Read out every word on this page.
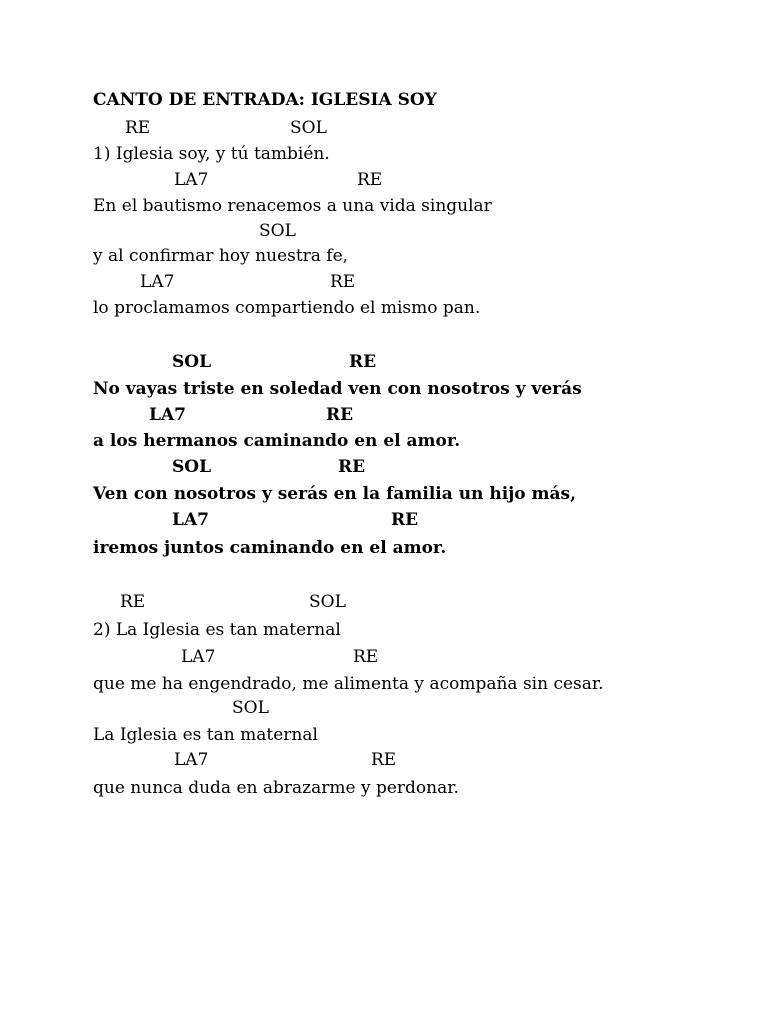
CANTO DE ENTRADA: IGLESIA SOY
RE	SOL
1) Iglesia soy, y tú también.
LA7	RE
En el bautismo renacemos a una vida singular
SOL
y al confirmar hoy nuestra fe,
LA7	RE
lo proclamamos compartiendo el mismo pan.
SOL	RE
No vayas triste en soledad ven con nosotros y verás
LA7	RE
a los hermanos caminando en el amor.
SOL	RE
Ven con nosotros y serás en la familia un hijo más,
LA7	RE
iremos juntos caminando en el amor.
RE	SOL
2) La Iglesia es tan maternal
LA7	RE
que me ha engendrado, me alimenta y acompaña sin cesar.
SOL
La Iglesia es tan maternal
LA7	RE
que nunca duda en abrazarme y perdonar.
